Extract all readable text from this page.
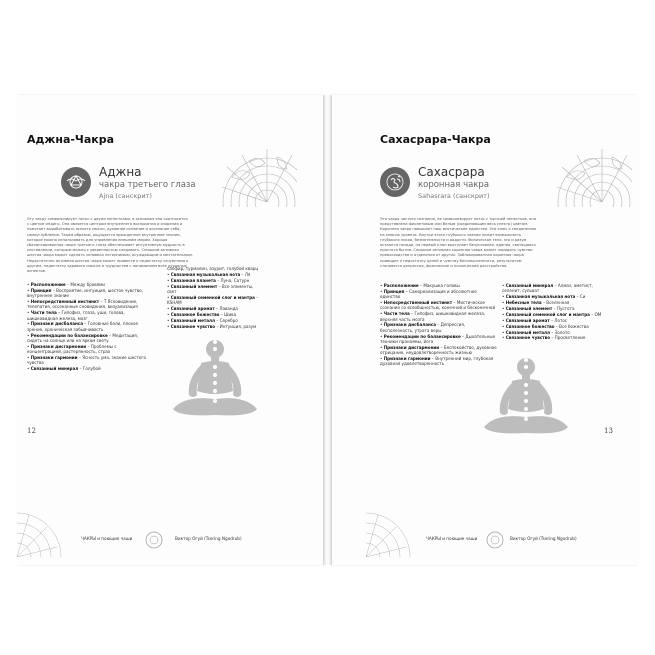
Аджна-Чакра
Аджна
чакра третьего глаза
Ajna (санскрит)
Эту чакру символизирует лотос с двумя лепестками, в основном она соотносится
с цветом индиго. Она является центром внутреннего восприятия и озарения и
помогает вырабатывать ясность мысли, духовное сознание и осознание себя,
самоуглубление. Таким образом, ощущается врожденное внутреннее знание,
которое можно использовать для управления внешним миром. Хорошо
сбалансированная чакра третьего глаза обеспечивает интуитивную мудрость в
наставлении, которым можно с уверенностью следовать. Слишком активная
шестая чакра может сделать человека нетерпимым, осуждающим и мечтательным.
Недостаточно активная шестая чакра может привести к недостатку сочувствия к
другим, недостатку здравого смысла и трудностям с пониманием всех духовных
аспектов.
• Расположение – Между бровями
• Принцип – Восприятие, интуиция, шестое чувство, внутреннее знание
• Непосредственный инстинкт – Т Ясновидение, телепатия, осознанные сновидения, визуализация
• Части тела – Гипофиз, глаза, уши, голова, шишковидная железа, мозг
• Признаки дисбаланса – Головные боли, плохое зрение, хроническая забывчивость
• Рекомендации по балансировке – Медитация, сидеть на солнце или на ярком свету
• Признаки дисгармонии – Проблемы с концентрацией, растерянность, страх
• Признаки гармонии – Ясность ума, знание шестого чувства
• Связанный минерал – Голубой
сапфир, турмалин, азурит, голубой кварц
• Связанная музыкальная нота – Ля
• Связанная планета – Луна, Сатурн
• Связанный элемент – Все элементы, свет
• Связанный семенной слог и мантра – KSHAM
• Связанный аромат – Лаванда
• Связанное божество – Шива
• Связанный металл – Серебро
• Связанное чувство – Интуиция, разум
ЧАКРЫ и поющие чаши	Виктор Огуй (Tsering Ngodrub)
12
Сахасрара-Чакра
Сахасрара
коронная чакра
Sahasrara (санскрит)
Эта чакра чистого сознания, ее символизирует лотос с тысячей лепестков, она
представлена фиолетовым или белым (соединяющим весь спектр) цветом.
Коронная чакра повышает наш мистическое единство. Это ключ к соединению
на многих уровнях. Внутри этого глубокого знания лежит возможность
глубокого покоя, безмятежности и радости. Физическое тело, эго и разум
остаются позади, на первый план выступает безусловная, единая, светящаяся
простота бытия. Слишком активная коронная чакра может породить чувство
превосходства и отделения от других. Заблокированная коронная чакра
приводит к недостатку целей и чувству бессмысленности, результатом
становятся депрессия, физические и психические расстройства.
• Расположение – Макушка головы
• Принцип – Самореализация и абсолютное единство
• Непосредственный инстинкт – Мистическое сознание со всеобщностью, конечной и бесконечной
• Части тела – Гипофиз, шишковидная железа, верхняя часть мозга
• Признаки дисбаланса – Депрессия, бесполезность, утрата веры
• Рекомендации по балансировке – Дыхательные техники пранаямы, йога
• Признаки дисгармонии – Беспокойство, духовное отрицание, неудовлетворенность жизнью
• Признаки гармонии – Внутренний мир, глубокая духовная удовлетворенность
• Связанный минерал – Алмаз, аметист, селенит, сульват
• Связанная музыкальная нота – Си
• Небесные тела – Вселенная
• Связанный элемент – Пустота
• Связанный семенной слог и мантра – ОМ
• Связанный аромат – Лотос
• Связанное божество – Все божества
• Связанный металл – Золото
• Связанное чувство – Просветление
ЧАКРЫ и поющие чаши	Виктор Огуй (Tsering Ngodrub)
13
